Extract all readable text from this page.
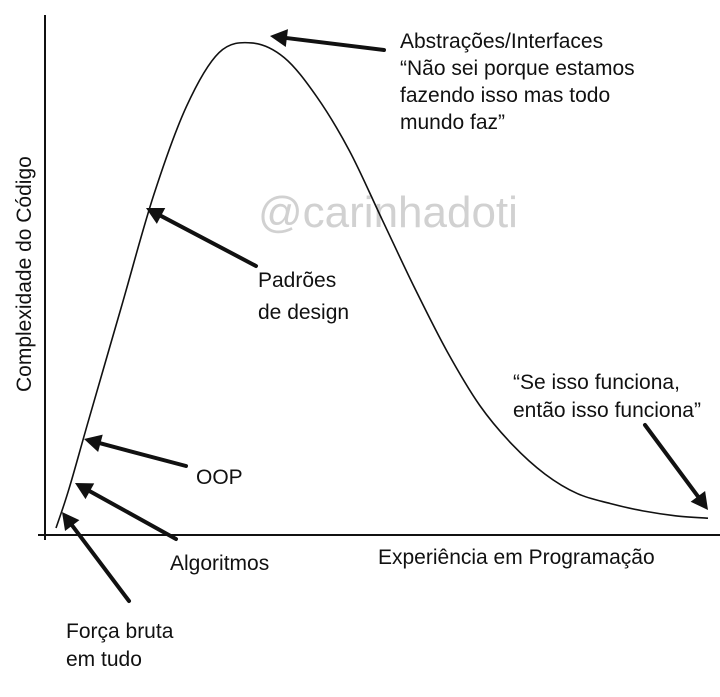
@carinhadoti
Complexidade do Código
Experiência em Programação
Força bruta
em tudo
Algoritmos
OOP
Padrões
de design
Abstrações/Interfaces
“Não sei porque estamos
fazendo isso mas todo
mundo faz”
“Se isso funciona,
então isso funciona”
